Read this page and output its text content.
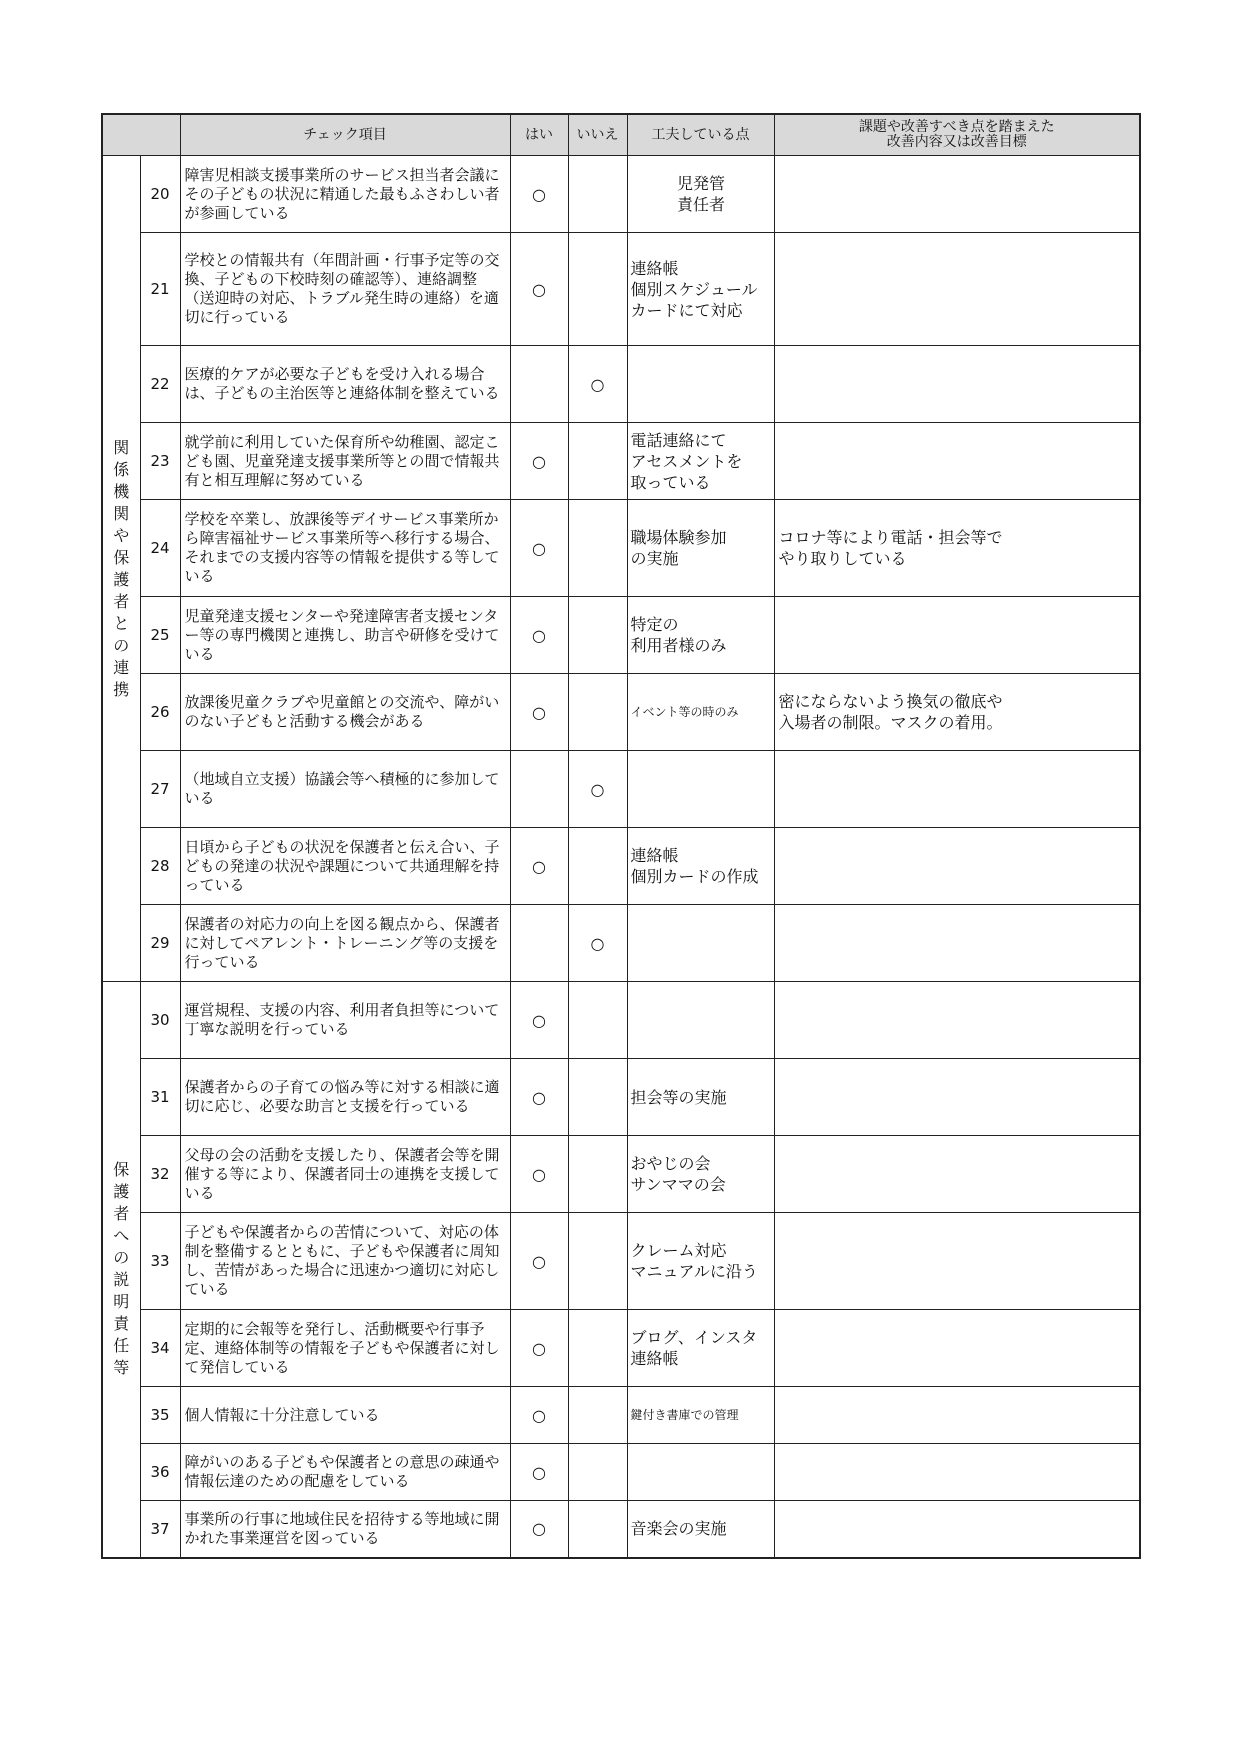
		チェック項目	はい	いいえ	工夫している点	課題や改善すべき点を踏まえた
改善内容又は改善目標

関係機関や保護者との連携	20	障害児相談支援事業所のサービス担当者会議にその子どもの状況に精通した最もふさわしい者が参画している	○		児発管
責任者	
	21	学校との情報共有（年間計画・行事予定等の交換、子どもの下校時刻の確認等）、連絡調整（送迎時の対応、トラブル発生時の連絡）を適切に行っている	○		連絡帳
個別スケジュールカードにて対応	
	22	医療的ケアが必要な子どもを受け入れる場合は、子どもの主治医等と連絡体制を整えている		○		
	23	就学前に利用していた保育所や幼稚園、認定こども園、児童発達支援事業所等との間で情報共有と相互理解に努めている	○		電話連絡にて
アセスメントを
取っている	
	24	学校を卒業し、放課後等デイサービス事業所から障害福祉サービス事業所等へ移行する場合、それまでの支援内容等の情報を提供する等している	○		職場体験参加
の実施	コロナ等により電話・担会等で
やり取りしている
	25	児童発達支援センターや発達障害者支援センター等の専門機関と連携し、助言や研修を受けている	○		特定の
利用者様のみ	
	26	放課後児童クラブや児童館との交流や、障がいのない子どもと活動する機会がある	○		イベント等の時のみ	密にならないよう換気の徹底や
入場者の制限。マスクの着用。
	27	（地域自立支援）協議会等へ積極的に参加している		○		
	28	日頃から子どもの状況を保護者と伝え合い、子どもの発達の状況や課題について共通理解を持っている	○		連絡帳
個別カードの作成	
	29	保護者の対応力の向上を図る観点から、保護者に対してペアレント・トレーニング等の支援を行っている		○		

保護者への説明責任等	30	運営規程、支援の内容、利用者負担等について丁寧な説明を行っている	○			
	31	保護者からの子育ての悩み等に対する相談に適切に応じ、必要な助言と支援を行っている	○		担会等の実施	
	32	父母の会の活動を支援したり、保護者会等を開催する等により、保護者同士の連携を支援している	○		おやじの会
サンママの会	
	33	子どもや保護者からの苦情について、対応の体制を整備するとともに、子どもや保護者に周知し、苦情があった場合に迅速かつ適切に対応している	○		クレーム対応
マニュアルに沿う	
	34	定期的に会報等を発行し、活動概要や行事予定、連絡体制等の情報を子どもや保護者に対して発信している	○		ブログ、インスタ
連絡帳	
	35	個人情報に十分注意している	○		鍵付き書庫での管理	
	36	障がいのある子どもや保護者との意思の疎通や情報伝達のための配慮をしている	○			
	37	事業所の行事に地域住民を招待する等地域に開かれた事業運営を図っている	○		音楽会の実施	
